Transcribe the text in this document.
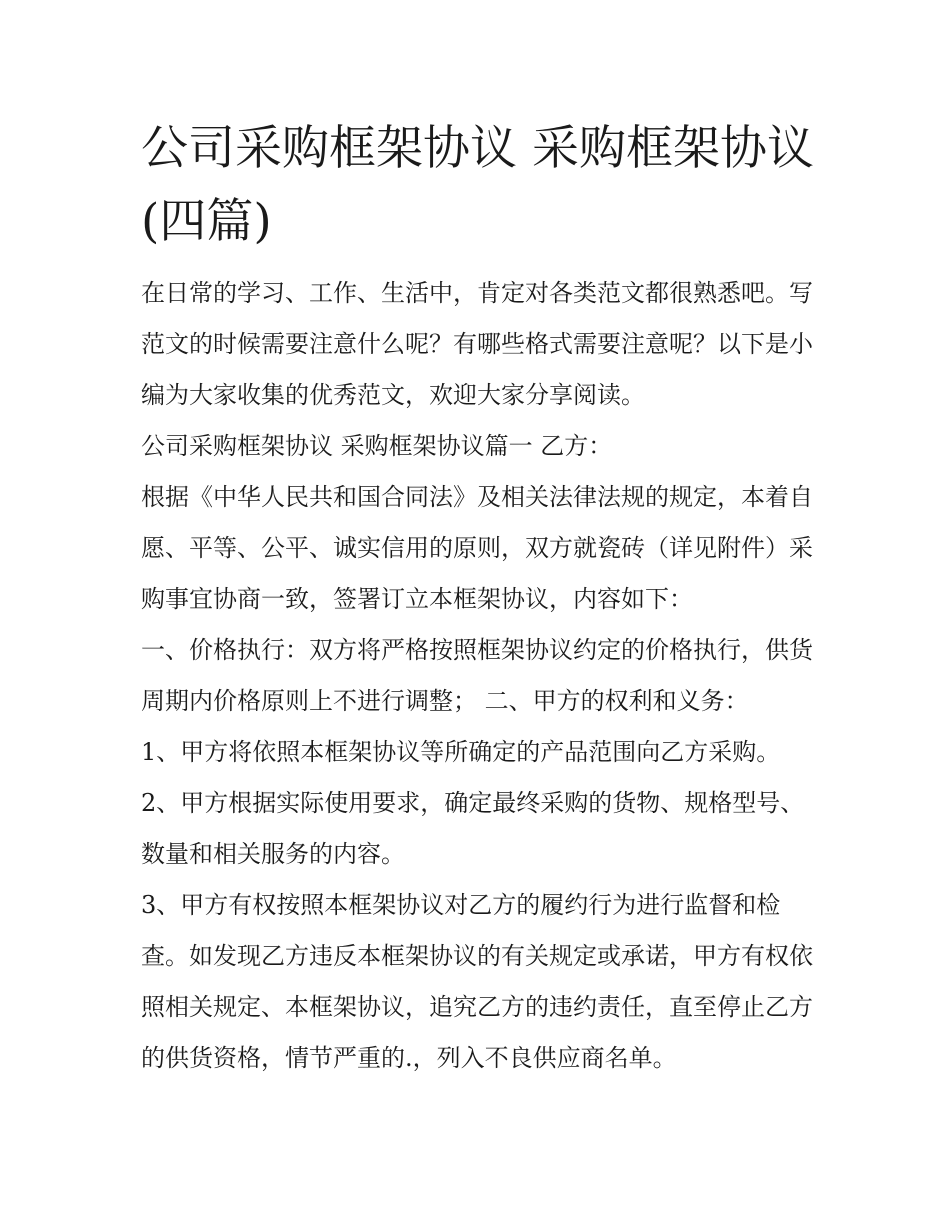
公司采购框架协议 采购框架协议(四篇)

在日常的学习、工作、生活中，肯定对各类范文都很熟悉吧。写范文的时候需要注意什么呢？有哪些格式需要注意呢？以下是小编为大家收集的优秀范文，欢迎大家分享阅读。

公司采购框架协议 采购框架协议篇一 乙方：

根据《中华人民共和国合同法》及相关法律法规的规定，本着自愿、平等、公平、诚实信用的原则，双方就瓷砖（详见附件）采购事宜协商一致，签署订立本框架协议，内容如下：

一、价格执行：双方将严格按照框架协议约定的价格执行，供货周期内价格原则上不进行调整； 二、甲方的权利和义务：

1、甲方将依照本框架协议等所确定的产品范围向乙方采购。

2、甲方根据实际使用要求，确定最终采购的货物、规格型号、数量和相关服务的内容。

3、甲方有权按照本框架协议对乙方的履约行为进行监督和检查。如发现乙方违反本框架协议的有关规定或承诺，甲方有权依照相关规定、本框架协议，追究乙方的违约责任，直至停止乙方的供货资格，情节严重的.，列入不良供应商名单。
